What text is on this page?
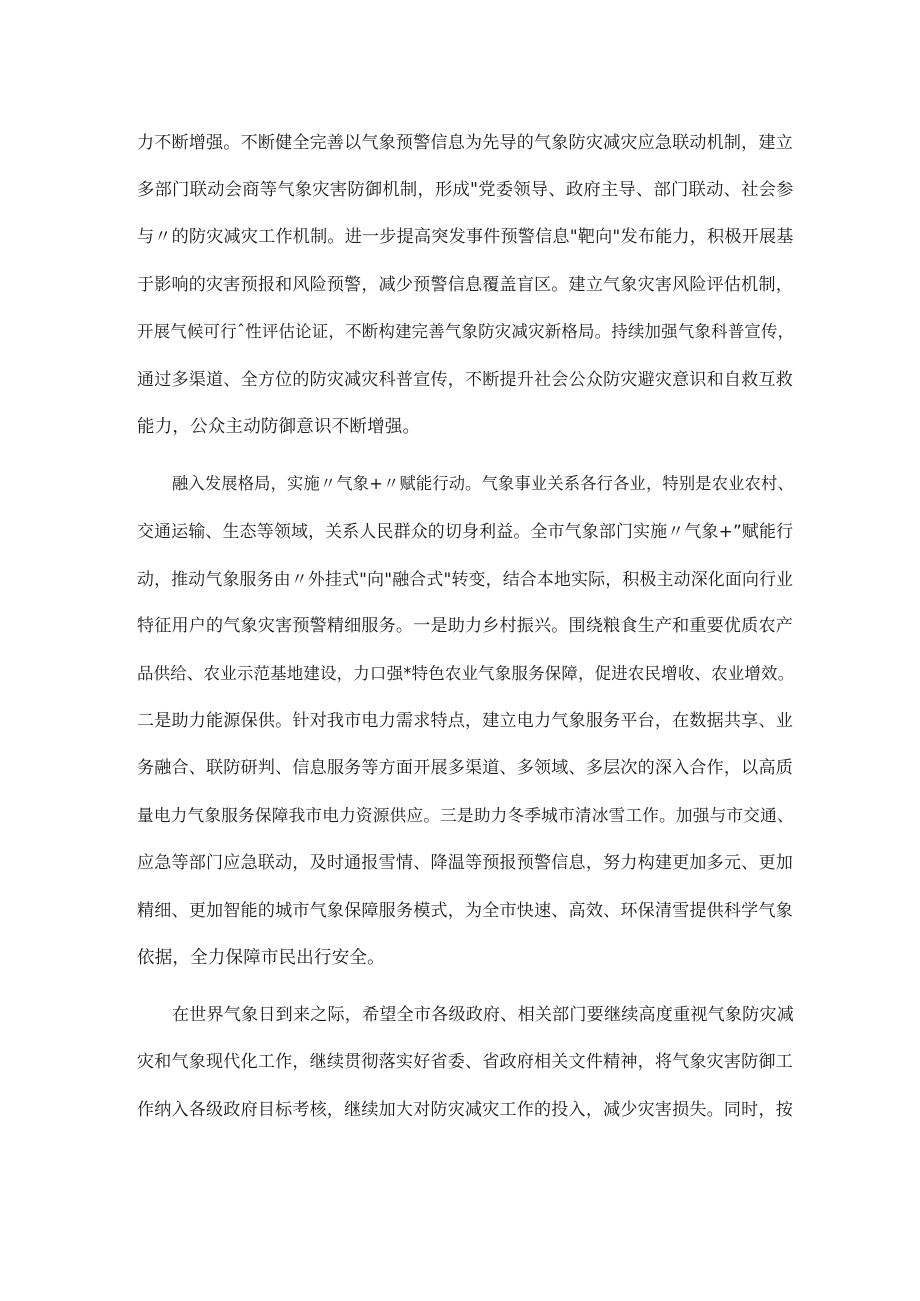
力不断增强。不断健全完善以气象预警信息为先导的气象防灾减灾应急联动机制，建立
多部门联动会商等气象灾害防御机制，形成"党委领导、政府主导、部门联动、社会参
与〃的防灾减灾工作机制。进一步提高突发事件预警信息"靶向"发布能力，积极开展基
于影响的灾害预报和风险预警，减少预警信息覆盖盲区。建立气象灾害风险评估机制，
开展气候可行ˆ性评估论证，不断构建完善气象防灾减灾新格局。持续加强气象科普宣传，
通过多渠道、全方位的防灾减灾科普宣传，不断提升社会公众防灾避灾意识和自救互救
能力，公众主动防御意识不断增强。
融入发展格局，实施〃气象+〃赋能行动。气象事业关系各行各业，特别是农业农村、
交通运输、生态等领域，关系人民群众的切身利益。全市气象部门实施〃气象+”赋能行
动，推动气象服务由〃外挂式"向"融合式"转变，结合本地实际，积极主动深化面向行业
特征用户的气象灾害预警精细服务。一是助力乡村振兴。围绕粮食生产和重要优质农产
品供给、农业示范基地建设，力口强*特色农业气象服务保障，促进农民增收、农业增效。
二是助力能源保供。针对我市电力需求特点，建立电力气象服务平台，在数据共享、业
务融合、联防研判、信息服务等方面开展多渠道、多领域、多层次的深入合作，以高质
量电力气象服务保障我市电力资源供应。三是助力冬季城市清冰雪工作。加强与市交通、
应急等部门应急联动，及时通报雪情、降温等预报预警信息，努力构建更加多元、更加
精细、更加智能的城市气象保障服务模式，为全市快速、高效、环保清雪提供科学气象
依据，全力保障市民出行安全。
在世界气象日到来之际，希望全市各级政府、相关部门要继续高度重视气象防灾减
灾和气象现代化工作，继续贯彻落实好省委、省政府相关文件精神，将气象灾害防御工
作纳入各级政府目标考核，继续加大对防灾减灾工作的投入，减少灾害损失。同时，按
